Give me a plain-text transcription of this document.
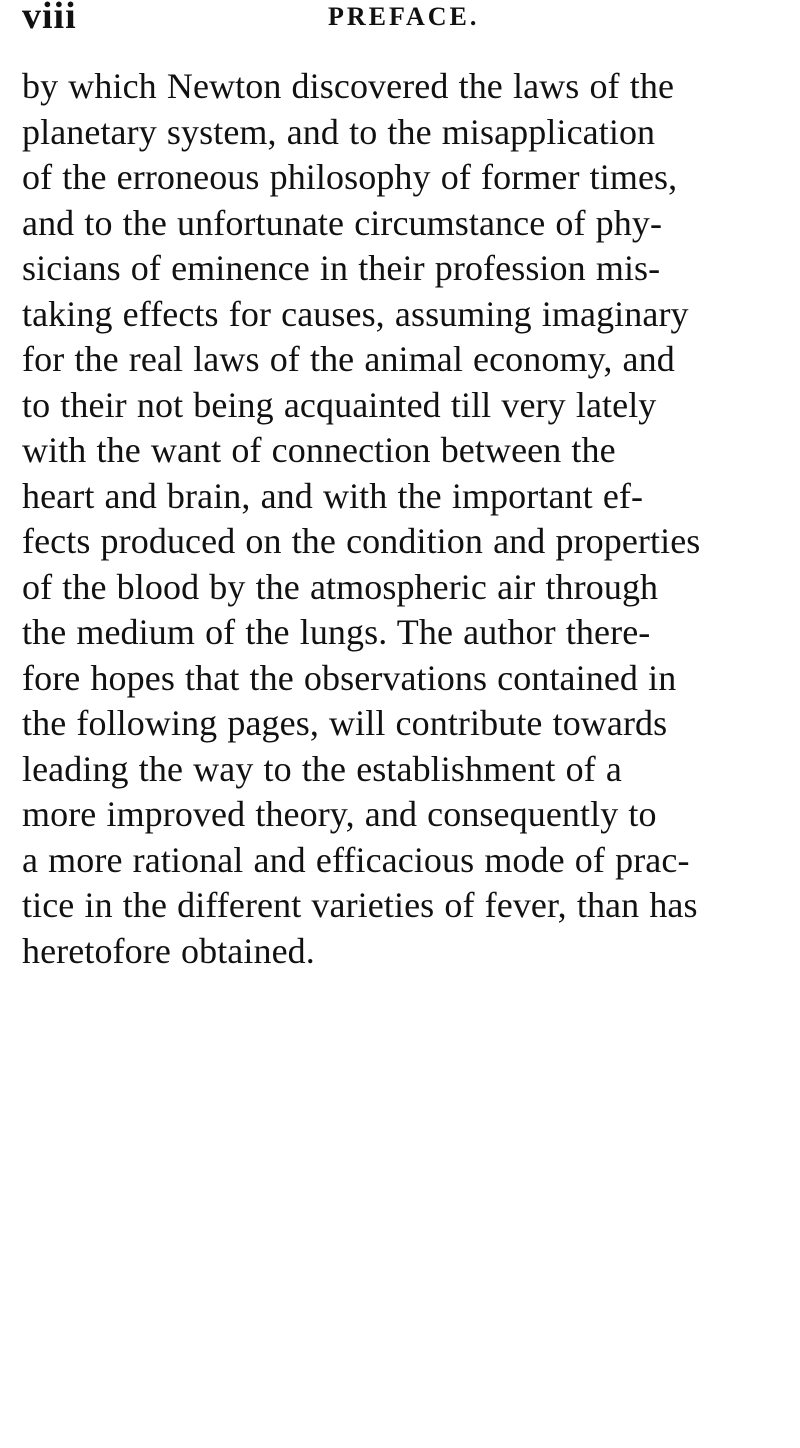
viii	PREFACE.
by which Newton discovered the laws of the
planetary system, and to the misapplication
of the erroneous philosophy of former times,
and to the unfortunate circumstance of phy-
sicians of eminence in their profession mis-
taking effects for causes, assuming imaginary
for the real laws of the animal economy, and
to their not being acquainted till very lately
with the want of connection between the
heart and brain, and with the important ef-
fects produced on the condition and properties
of the blood by the atmospheric air through
the medium of the lungs. The author there-
fore hopes that the observations contained in
the following pages, will contribute towards
leading the way to the establishment of a
more improved theory, and consequently to
a more rational and efficacious mode of prac-
tice in the different varieties of fever, than has
heretofore obtained.
